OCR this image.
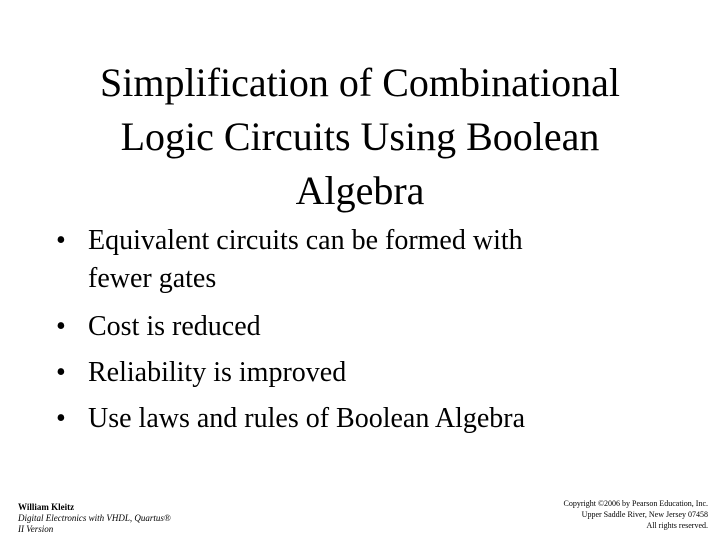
Simplification of Combinational
Logic Circuits Using Boolean
Algebra
• Equivalent circuits can be formed with
fewer gates
• Cost is reduced
• Reliability is improved
• Use laws and rules of Boolean Algebra
William Kleitz
Digital Electronics with VHDL, Quartus®
II Version
Copyright ©2006 by Pearson Education, Inc.
Upper Saddle River, New Jersey 07458
All rights reserved.
